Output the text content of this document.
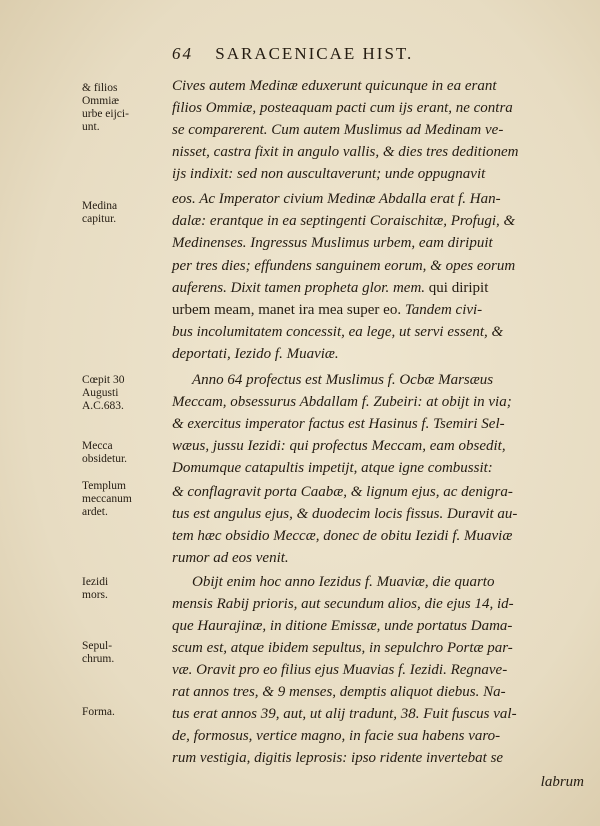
64 SARACENICAE HIST.
& filios
Ommiæ
urbe eijci-
unt.
Medina
capitur.
Cœpit 30
Augusti
A.C.683.
Mecca
obsidetur.
Templum
meccanum
ardet.
Iezidi
mors.
Sepul-
chrum.
Forma.
Cives autem Medinæ eduxerunt quicunque in ea erant
filios Ommiæ, posteaquam pacti cum ijs erant, ne contra
se comparerent. Cum autem Muslimus ad Medinam ve-
nisset, castra fixit in angulo vallis, & dies tres deditionem
ijs indixit: sed non auscultaverunt; unde oppugnavit
eos. Ac Imperator civium Medinæ Abdalla erat f. Han-
dalæ: erantque in ea septingenti Coraischitæ, Profugi, &
Medinenses. Ingressus Muslimus urbem, eam diripuit
per tres dies; effundens sanguinem eorum, & opes eorum
auferens. Dixit tamen propheta glor. mem. qui diripit
urbem meam, manet ira mea super eo. Tandem civi-
bus incolumitatem concessit, ea lege, ut servi essent, &
deportati, Iezido f. Muaviæ.
Anno 64 profectus est Muslimus f. Ocbæ Marsæus
Meccam, obsessurus Abdallam f. Zubeiri: at obijt in via;
& exercitus imperator factus est Hasinus f. Tsemiri Sel-
wæus, jussu Iezidi: qui profectus Meccam, eam obsedit,
Domumque catapultis impetijt, atque igne combussit:
& conflagravit porta Caabæ, & lignum ejus, ac denigra-
tus est angulus ejus, & duodecim locis fissus. Duravit au-
tem hæc obsidio Meccæ, donec de obitu Iezidi f. Muaviæ
rumor ad eos venit.
Obijt enim hoc anno Iezidus f. Muaviæ, die quarto
mensis Rabij prioris, aut secundum alios, die ejus 14, id-
que Haurajinæ, in ditione Emissæ, unde portatus Dama-
scum est, atque ibidem sepultus, in sepulchro Portæ par-
væ. Oravit pro eo filius ejus Muavias f. Iezidi. Regnave-
rat annos tres, & 9 menses, demptis aliquot diebus. Na-
tus erat annos 39, aut, ut alij tradunt, 38. Fuit fuscus val-
de, formosus, vertice magno, in facie sua habens varo-
rum vestigia, digitis leprosis: ipso ridente invertebat se
labrum
